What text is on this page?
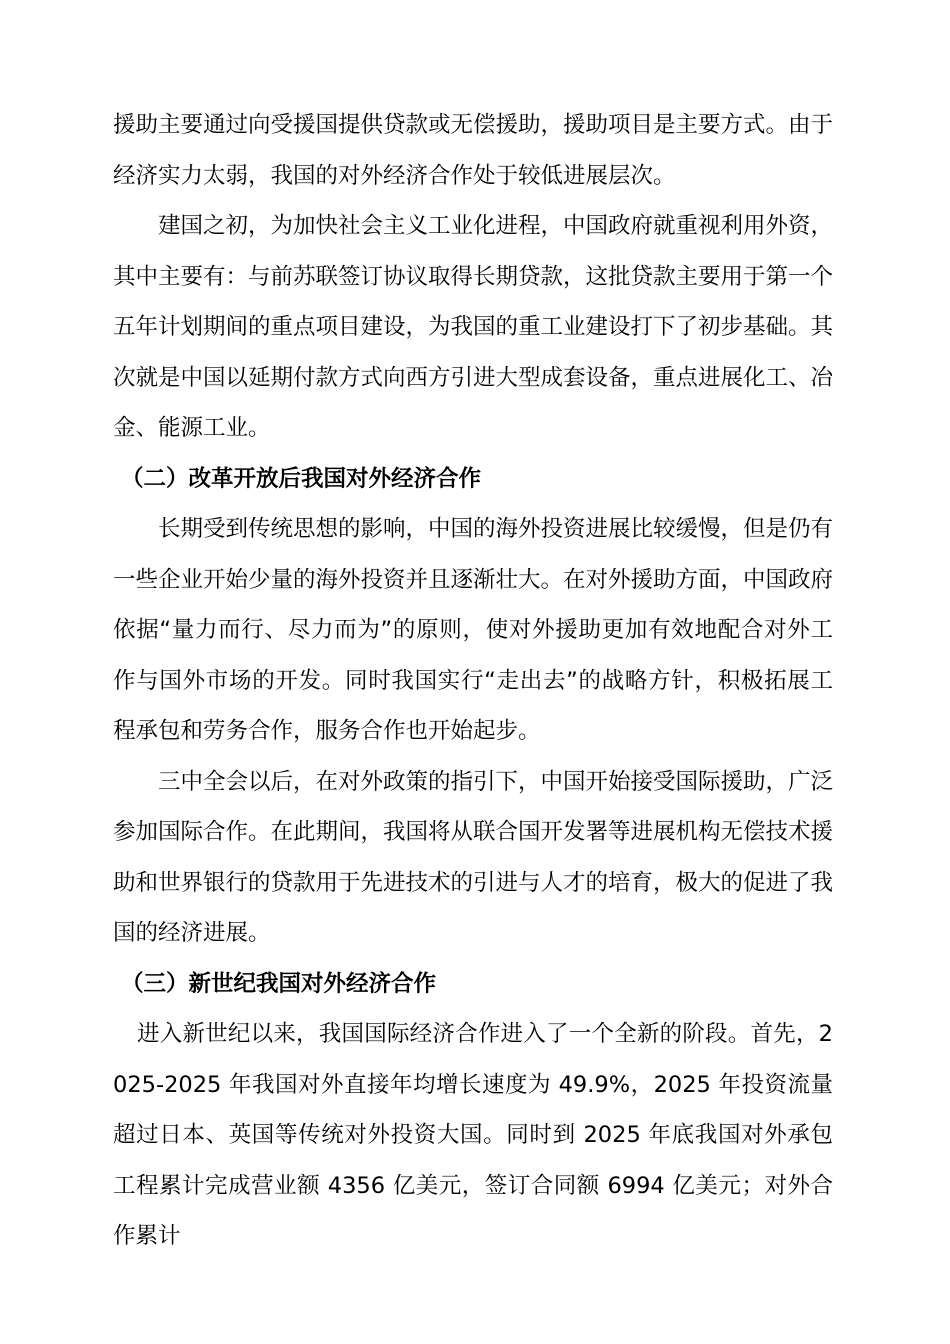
援助主要通过向受援国提供贷款或无偿援助，援助项目是主要方式。由于经济实力太弱，我国的对外经济合作处于较低进展层次。

建国之初，为加快社会主义工业化进程，中国政府就重视利用外资，其中主要有：与前苏联签订协议取得长期贷款，这批贷款主要用于第一个五年计划期间的重点项目建设，为我国的重工业建设打下了初步基础。其次就是中国以延期付款方式向西方引进大型成套设备，重点进展化工、冶金、能源工业。

（二）改革开放后我国对外经济合作

长期受到传统思想的影响，中国的海外投资进展比较缓慢，但是仍有一些企业开始少量的海外投资并且逐渐壮大。在对外援助方面，中国政府依据“量力而行、尽力而为”的原则，使对外援助更加有效地配合对外工作与国外市场的开发。同时我国实行“走出去”的战略方针，积极拓展工程承包和劳务合作，服务合作也开始起步。

三中全会以后，在对外政策的指引下，中国开始接受国际援助，广泛参加国际合作。在此期间，我国将从联合国开发署等进展机构无偿技术援助和世界银行的贷款用于先进技术的引进与人才的培育，极大的促进了我国的经济进展。

（三）新世纪我国对外经济合作

进入新世纪以来，我国国际经济合作进入了一个全新的阶段。首先，2025-2025 年我国对外直接年均增长速度为 49.9%，2025 年投资流量超过日本、英国等传统对外投资大国。同时到 2025 年底我国对外承包工程累计完成营业额 4356 亿美元，签订合同额 6994 亿美元；对外合作累计
